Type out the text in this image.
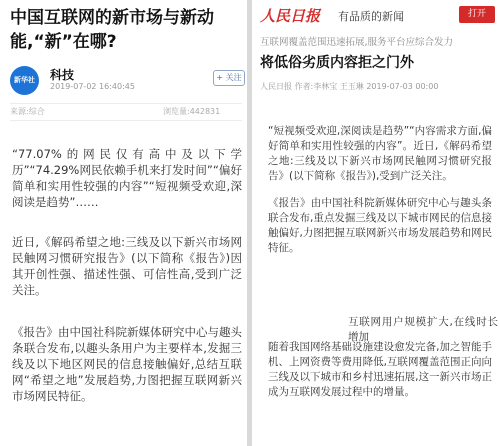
中国互联网的新市场与新动能,“新”在哪?
新华社	科技
2019-07-02 16:40:45
+ 关注
来源:综合	浏览量:442831

“77.07%的网民仅有高中及以下学历”“74.29%网民依赖手机来打发时间”“偏好简单和实用性较强的内容”“短视频受欢迎,深阅读是趋势”……

近日,《解码希望之地:三线及以下新兴市场网民触网习惯研究报告》(以下简称《报告》)因其开创性强、描述性强、可信性高,受到广泛关注。

《报告》由中国社科院新媒体研究中心与趣头条联合发布,以趣头条用户为主要样本,发掘三线及以下地区网民的信息接触偏好,总结互联网“希望之地”发展趋势,力图把握互联网新兴市场网民特征。

人民日报 有品质的新闻	打开
互联网覆盖范围迅速拓展,服务平台应综合发力
将低俗劣质内容拒之门外
人民日报 作者:李林宝 王玉琳 2019-07-03 00:00

“短视频受欢迎,深阅读是趋势”“内容需求方面,偏好简单和实用性较强的内容”。近日,《解码希望之地:三线及以下新兴市场网民触网习惯研究报告》(以下简称《报告》),受到广泛关注。

《报告》由中国社科院新媒体研究中心与趣头条联合发布,重点发掘三线及以下城市网民的信息接触偏好,力图把握互联网新兴市场发展趋势和网民特征。

互联网用户规模扩大,在线时长增加

随着我国网络基础设施建设愈发完备,加之智能手机、上网资费等费用降低,互联网覆盖范围正向向三线及以下城市和乡村迅速拓展,这一新兴市场正成为互联网发展过程中的增量。
